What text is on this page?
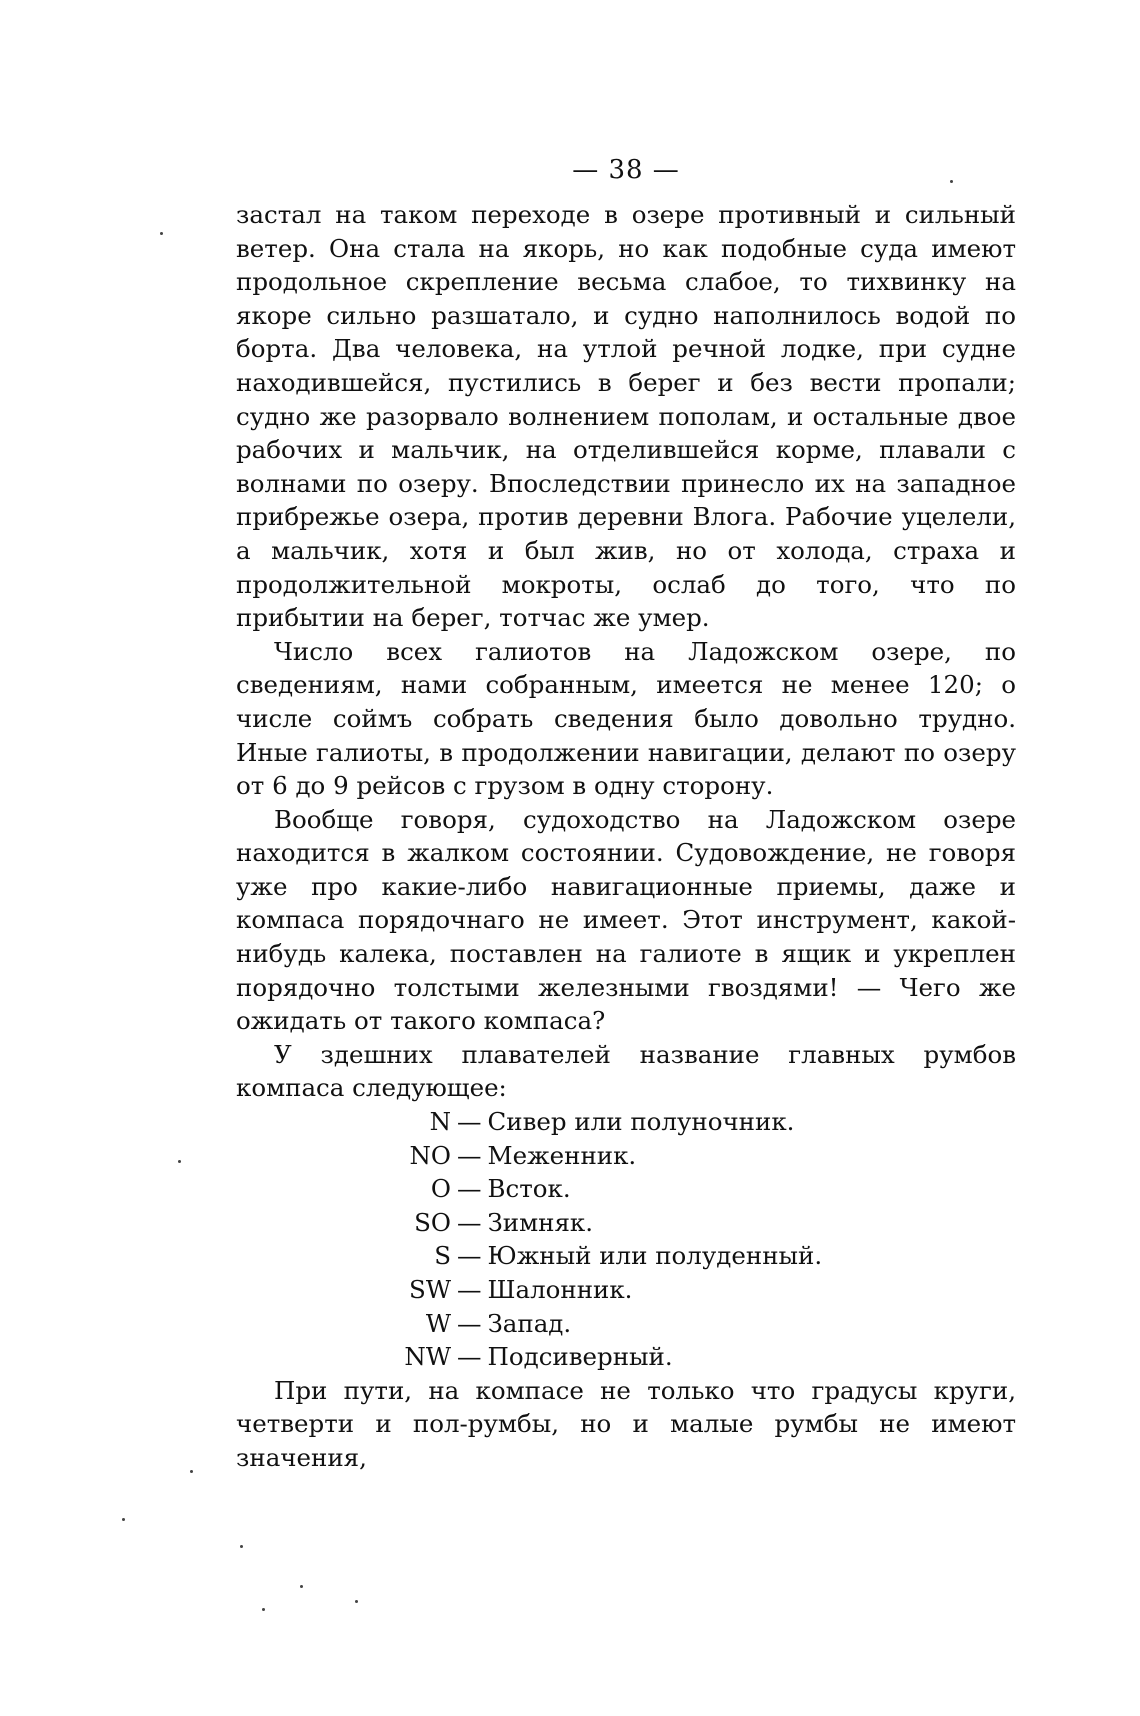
— 38 —

застал на таком переходе в озере противный и сильный ветер. Она стала на якорь, но как подобные суда имеют продольное скрепление весьма слабое, то тихвинку на якоре сильно разшатало, и судно наполнилось водой по борта. Два человека, на утлой речной лодке, при судне находившейся, пустились в берег и без вести пропали; судно же разорвало волнением пополам, и остальные двое рабочих и мальчик, на отделившейся корме, плавали с волнами по озеру. Впоследствии принесло их на западное прибрежье озера, против деревни Влога. Рабочие уцелели, а мальчик, хотя и был жив, но от холода, страха и продолжительной мокроты, ослаб до того, что по прибытии на берег, тотчас же умер.

Число всех галиотов на Ладожском озере, по сведениям, нами собранным, имеется не менее 120; о числе соймъ собрать сведения было довольно трудно. Иные галиоты, в продолжении навигации, делают по озеру от 6 до 9 рейсов с грузом в одну сторону.

Вообще говоря, судоходство на Ладожском озере находится в жалком состоянии. Судовождение, не говоря уже про какие-либо навигационные приемы, даже и компаса порядочнаго не имеет. Этот инструмент, какой-нибудь калека, поставлен на галиоте в ящик и укреплен порядочно толстыми железными гвоздями! — Чего же ожидать от такого компаса?

У здешних плавателей название главных румбов компаса следующее:

N — Сивер или полуночник.
NO — Меженник.
O — Всток.
SO — Зимняк.
S — Южный или полуденный.
SW — Шалонник.
W — Запад.
NW — Подсиверный.

При пути, на компасе не только что градусы круги, четверти и пол-румбы, но и малые румбы не имеют значения,
